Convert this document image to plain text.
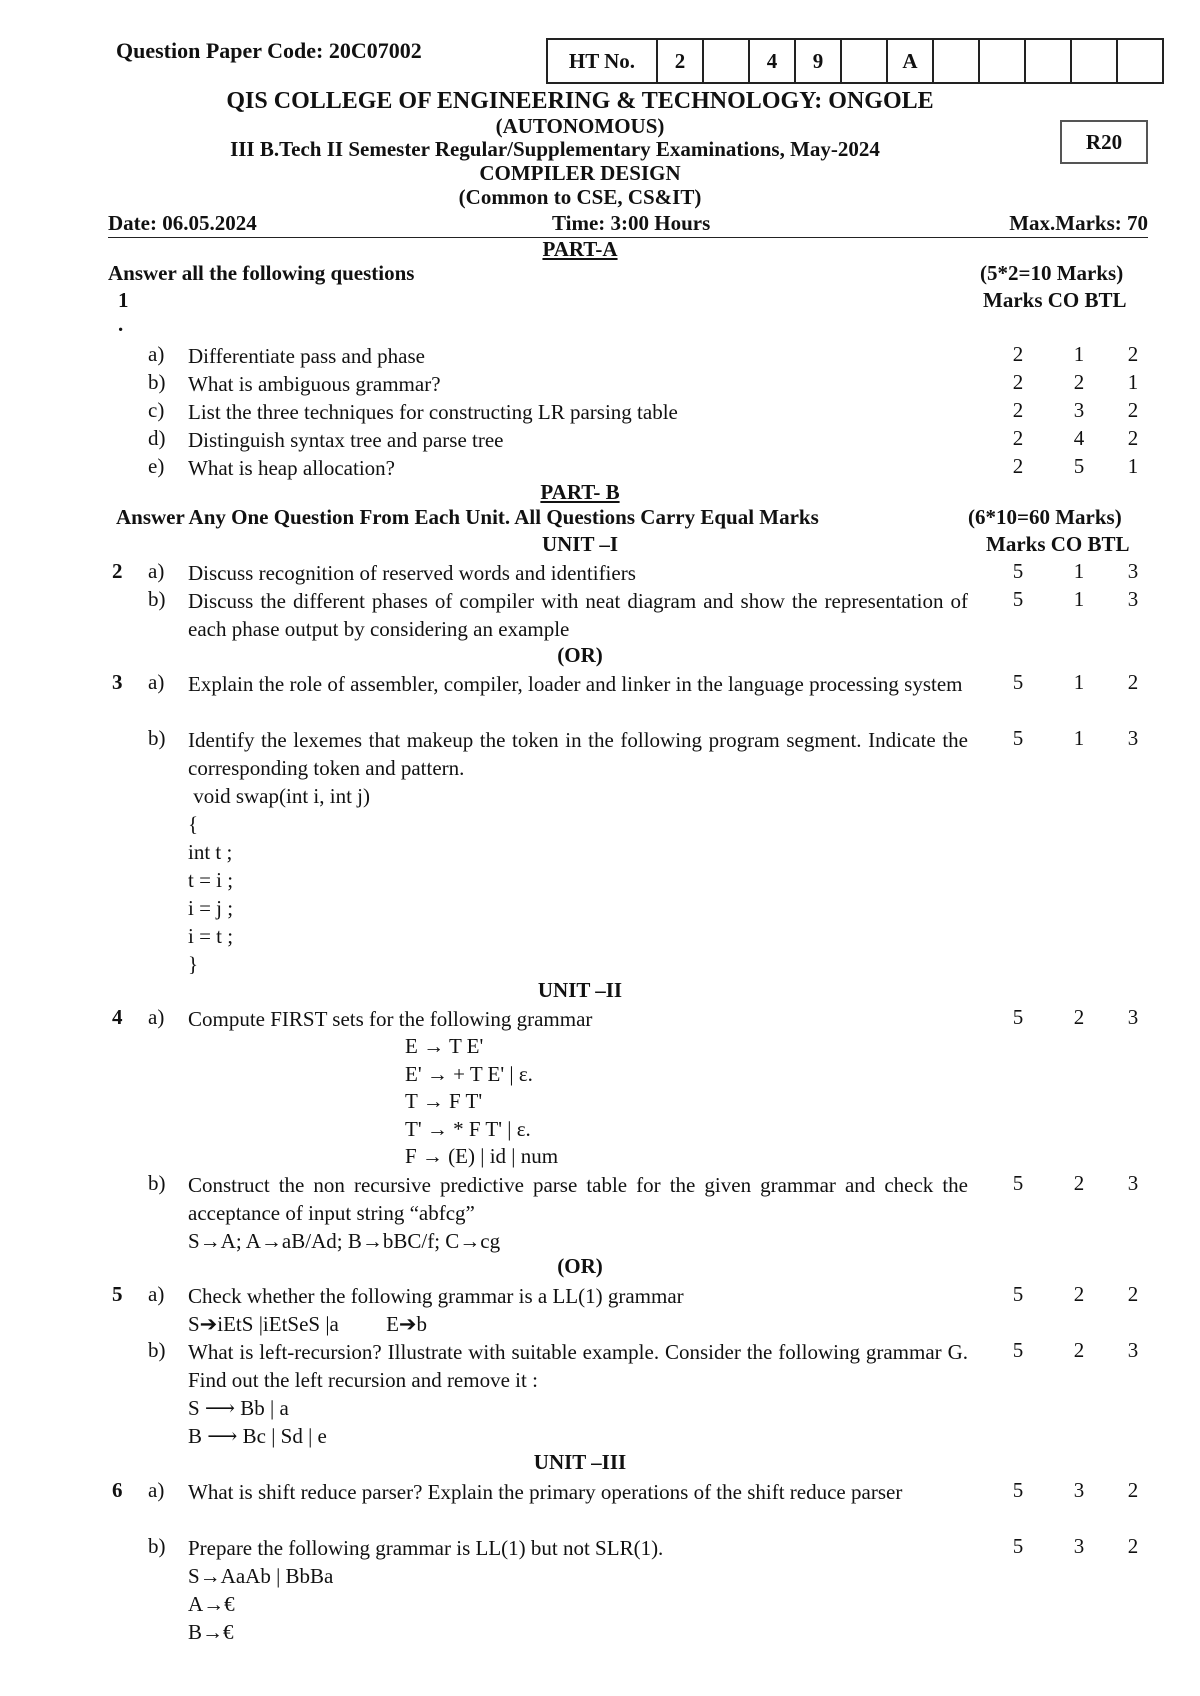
Question Paper Code: 20C07002	HT No.	2		4	9		A					
QIS COLLEGE OF ENGINEERING & TECHNOLOGY: ONGOLE
(AUTONOMOUS)
III B.Tech II Semester Regular/Supplementary Examinations, May-2024	R20
COMPILER DESIGN
(Common to CSE, CS&IT)
Date: 06.05.2024	Time: 3:00 Hours	Max.Marks: 70
PART-A
Answer all the following questions	(5*2=10 Marks)
1
.
Marks CO BTL
a) Differentiate pass and phase	2	1	2
b) What is ambiguous grammar?	2	2	1
c) List the three techniques for constructing LR parsing table	2	3	2
d) Distinguish syntax tree and parse tree	2	4	2
e) What is heap allocation?	2	5	1
PART- B
Answer Any One Question From Each Unit. All Questions Carry Equal Marks	(6*10=60 Marks)
UNIT –I	Marks CO BTL
2 a) Discuss recognition of reserved words and identifiers	5	1	3
b) Discuss the different phases of compiler with neat diagram and show the representation of each phase output by considering an example
5	1	3
(OR)
3 a) Explain the role of assembler, compiler, loader and linker in the language processing system	5	1	2
b) Identify the lexemes that makeup the token in the following program segment. Indicate the corresponding token and pattern.
5	1	3
void swap(int i, int j)
{
int t ;
t = i ;
i = j ;
i = t ;
}
UNIT –II
4 a) Compute FIRST sets for the following grammar	5	2	3
E → T E'
E' → + T E' | ε.
T → F T'
T' → * F T' | ε.
F → (E) | id | num
b) Construct the non recursive predictive parse table for the given grammar and check the acceptance of input string “abfcg”
5	2	3
S→A; A→aB/Ad; B→bBC/f; C→cg
(OR)
5 a) Check whether the following grammar is a LL(1) grammar	5	2	2
S➔iEtS |iEtSeS |a         E➔b
b) What is left-recursion? Illustrate with suitable example. Consider the following grammar G. Find out the left recursion and remove it :
5	2	3
S ⟶ Bb | a
B ⟶ Bc | Sd | e
UNIT –III
6 a) What is shift reduce parser? Explain the primary operations of the shift reduce parser	5	3	2
b) Prepare the following grammar is LL(1) but not SLR(1).	5	3	2
S→AaAb | BbBa
A→€
B→€
